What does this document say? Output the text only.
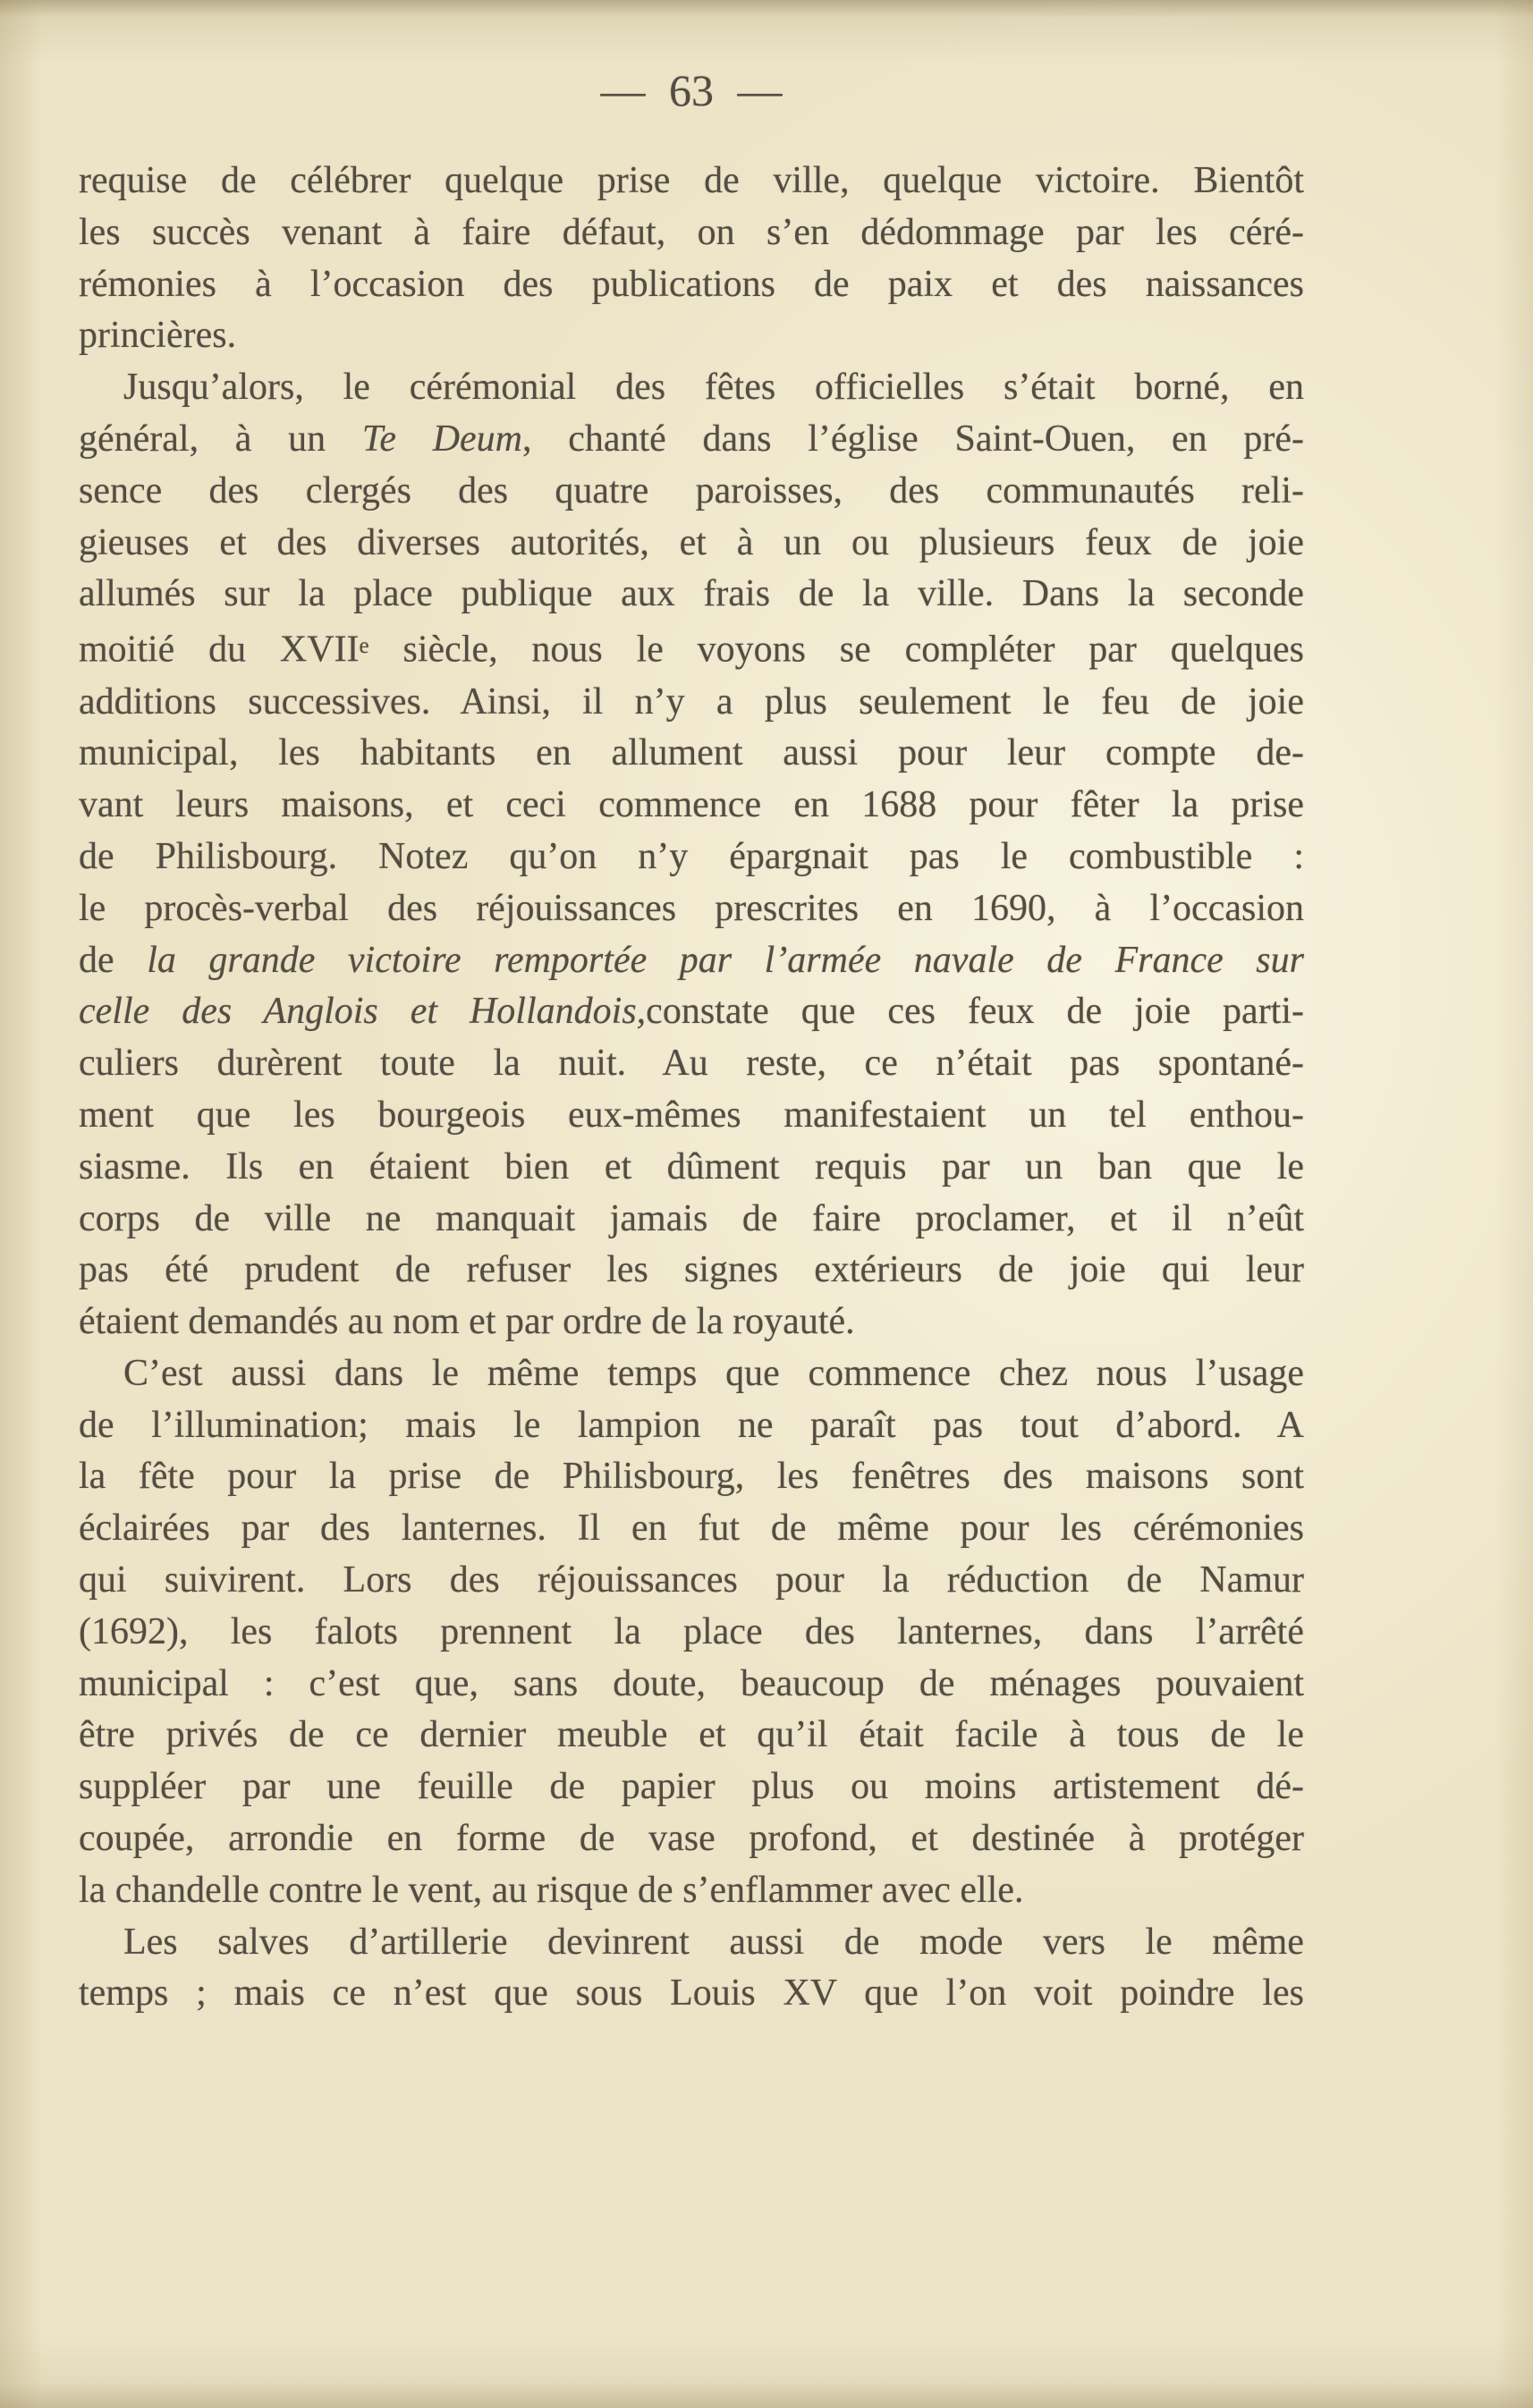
— 63 —
requise de célébrer quelque prise de ville, quelque victoire. Bientôt
les succès venant à faire défaut, on s’en dédommage par les céré-
rémonies à l’occasion des publications de paix et des naissances
princières.
Jusqu’alors, le cérémonial des fêtes officielles s’était borné, en
général, à un Te Deum, chanté dans l’église Saint-Ouen, en pré-
sence des clergés des quatre paroisses, des communautés reli-
gieuses et des diverses autorités, et à un ou plusieurs feux de joie
allumés sur la place publique aux frais de la ville. Dans la seconde
moitié du XVIIe siècle, nous le voyons se compléter par quelques
additions successives. Ainsi, il n’y a plus seulement le feu de joie
municipal, les habitants en allument aussi pour leur compte de-
vant leurs maisons, et ceci commence en 1688 pour fêter la prise
de Philisbourg. Notez qu’on n’y épargnait pas le combustible :
le procès-verbal des réjouissances prescrites en 1690, à l’occasion
de la grande victoire remportée par l’armée navale de France sur
celle des Anglois et Hollandois,constate que ces feux de joie parti-
culiers durèrent toute la nuit. Au reste, ce n’était pas spontané-
ment que les bourgeois eux-mêmes manifestaient un tel enthou-
siasme. Ils en étaient bien et dûment requis par un ban que le
corps de ville ne manquait jamais de faire proclamer, et il n’eût
pas été prudent de refuser les signes extérieurs de joie qui leur
étaient demandés au nom et par ordre de la royauté.
C’est aussi dans le même temps que commence chez nous l’usage
de l’illumination; mais le lampion ne paraît pas tout d’abord. A
la fête pour la prise de Philisbourg, les fenêtres des maisons sont
éclairées par des lanternes. Il en fut de même pour les cérémonies
qui suivirent. Lors des réjouissances pour la réduction de Namur
(1692), les falots prennent la place des lanternes, dans l’arrêté
municipal : c’est que, sans doute, beaucoup de ménages pouvaient
être privés de ce dernier meuble et qu’il était facile à tous de le
suppléer par une feuille de papier plus ou moins artistement dé-
coupée, arrondie en forme de vase profond, et destinée à protéger
la chandelle contre le vent, au risque de s’enflammer avec elle.
Les salves d’artillerie devinrent aussi de mode vers le même
temps ; mais ce n’est que sous Louis XV que l’on voit poindre les
